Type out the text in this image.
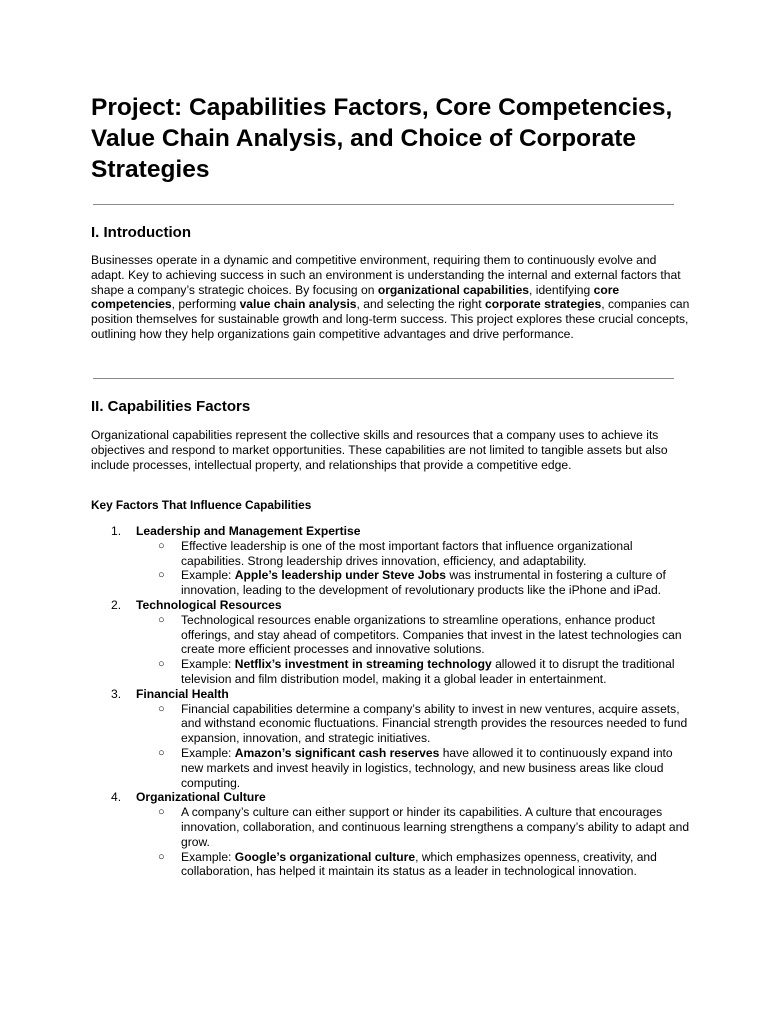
Project: Capabilities Factors, Core Competencies, Value Chain Analysis, and Choice of Corporate Strategies
I. Introduction

Businesses operate in a dynamic and competitive environment, requiring them to continuously evolve and adapt. Key to achieving success in such an environment is understanding the internal and external factors that shape a company’s strategic choices. By focusing on organizational capabilities, identifying core competencies, performing value chain analysis, and selecting the right corporate strategies, companies can position themselves for sustainable growth and long-term success. This project explores these crucial concepts, outlining how they help organizations gain competitive advantages and drive performance.

II. Capabilities Factors

Organizational capabilities represent the collective skills and resources that a company uses to achieve its objectives and respond to market opportunities. These capabilities are not limited to tangible assets but also include processes, intellectual property, and relationships that provide a competitive edge.

Key Factors That Influence Capabilities
1. Leadership and Management Expertise
○ Effective leadership is one of the most important factors that influence organizational capabilities. Strong leadership drives innovation, efficiency, and adaptability.
○ Example: Apple’s leadership under Steve Jobs was instrumental in fostering a culture of innovation, leading to the development of revolutionary products like the iPhone and iPad.
2. Technological Resources
○ Technological resources enable organizations to streamline operations, enhance product offerings, and stay ahead of competitors. Companies that invest in the latest technologies can create more efficient processes and innovative solutions.
○ Example: Netflix’s investment in streaming technology allowed it to disrupt the traditional television and film distribution model, making it a global leader in entertainment.
3. Financial Health
○ Financial capabilities determine a company’s ability to invest in new ventures, acquire assets, and withstand economic fluctuations. Financial strength provides the resources needed to fund expansion, innovation, and strategic initiatives.
○ Example: Amazon’s significant cash reserves have allowed it to continuously expand into new markets and invest heavily in logistics, technology, and new business areas like cloud computing.
4. Organizational Culture
○ A company’s culture can either support or hinder its capabilities. A culture that encourages innovation, collaboration, and continuous learning strengthens a company’s ability to adapt and grow.
○ Example: Google’s organizational culture, which emphasizes openness, creativity, and collaboration, has helped it maintain its status as a leader in technological innovation.
